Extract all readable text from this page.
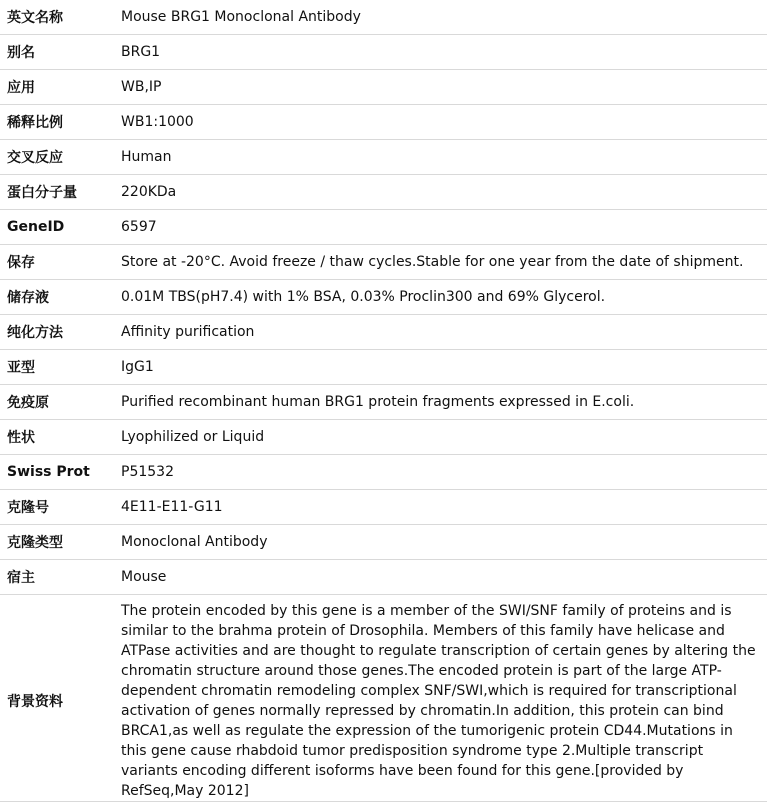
英文名称	Mouse BRG1 Monoclonal Antibody
别名	BRG1
应用	WB,IP
稀释比例	WB1:1000
交叉反应	Human
蛋白分子量	220KDa
GeneID	6597
保存	Store at -20°C. Avoid freeze / thaw cycles.Stable for one year from the date of shipment.
储存液	0.01M TBS(pH7.4) with 1% BSA, 0.03% Proclin300 and 69% Glycerol.
纯化方法	Affinity purification
亚型	IgG1
免疫原	Purified recombinant human BRG1 protein fragments expressed in E.coli.
性状	Lyophilized or Liquid
Swiss Prot	P51532
克隆号	4E11-E11-G11
克隆类型	Monoclonal Antibody
宿主	Mouse
背景资料	The protein encoded by this gene is a member of the SWI/SNF family of proteins and is similar to the brahma protein of Drosophila. Members of this family have helicase and ATPase activities and are thought to regulate transcription of certain genes by altering the chromatin structure around those genes.The encoded protein is part of the large ATP-dependent chromatin remodeling complex SNF/SWI,which is required for transcriptional activation of genes normally repressed by chromatin.In addition, this protein can bind BRCA1,as well as regulate the expression of the tumorigenic protein CD44.Mutations in this gene cause rhabdoid tumor predisposition syndrome type 2.Multiple transcript variants encoding different isoforms have been found for this gene.[provided by RefSeq,May 2012]
